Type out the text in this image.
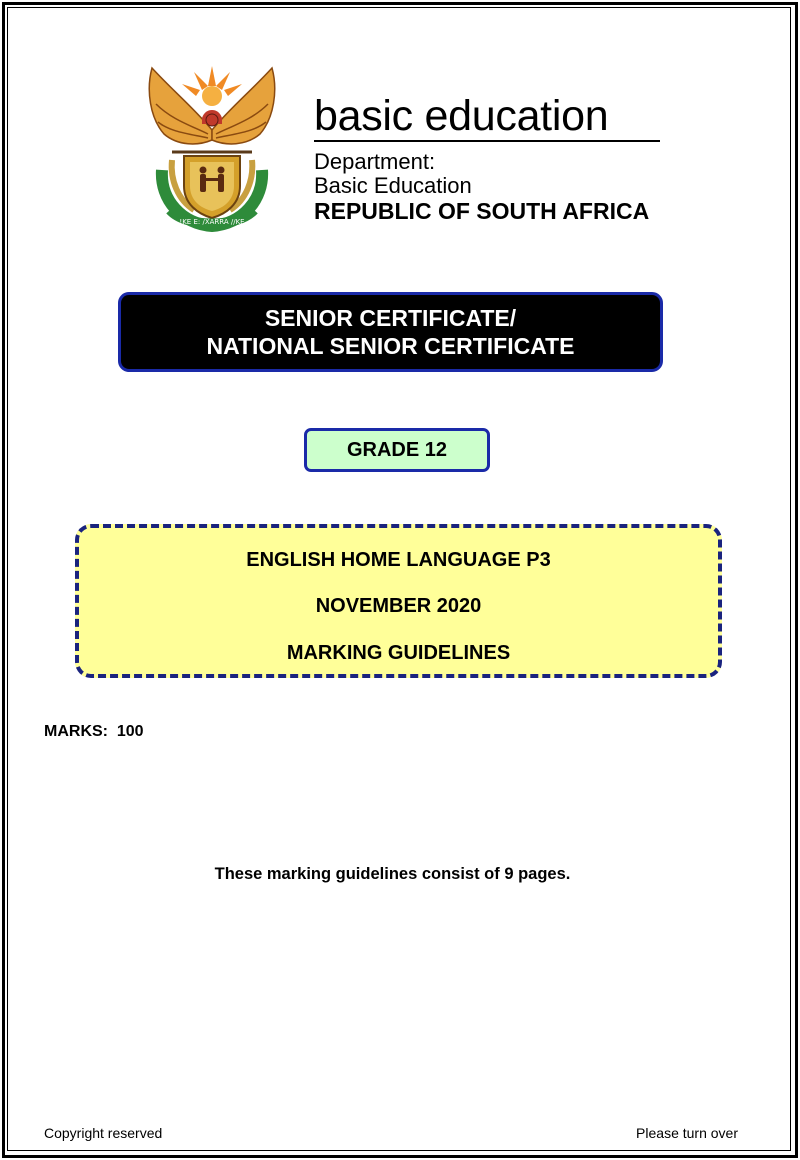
!KE E: /XARRA //KE
basic education
Department:
Basic Education
REPUBLIC OF SOUTH AFRICA
SENIOR CERTIFICATE/
NATIONAL SENIOR CERTIFICATE
GRADE 12
ENGLISH HOME LANGUAGE P3
NOVEMBER 2020
MARKING GUIDELINES
MARKS:  100
These marking guidelines consist of 9 pages.
Copyright reserved	Please turn over
